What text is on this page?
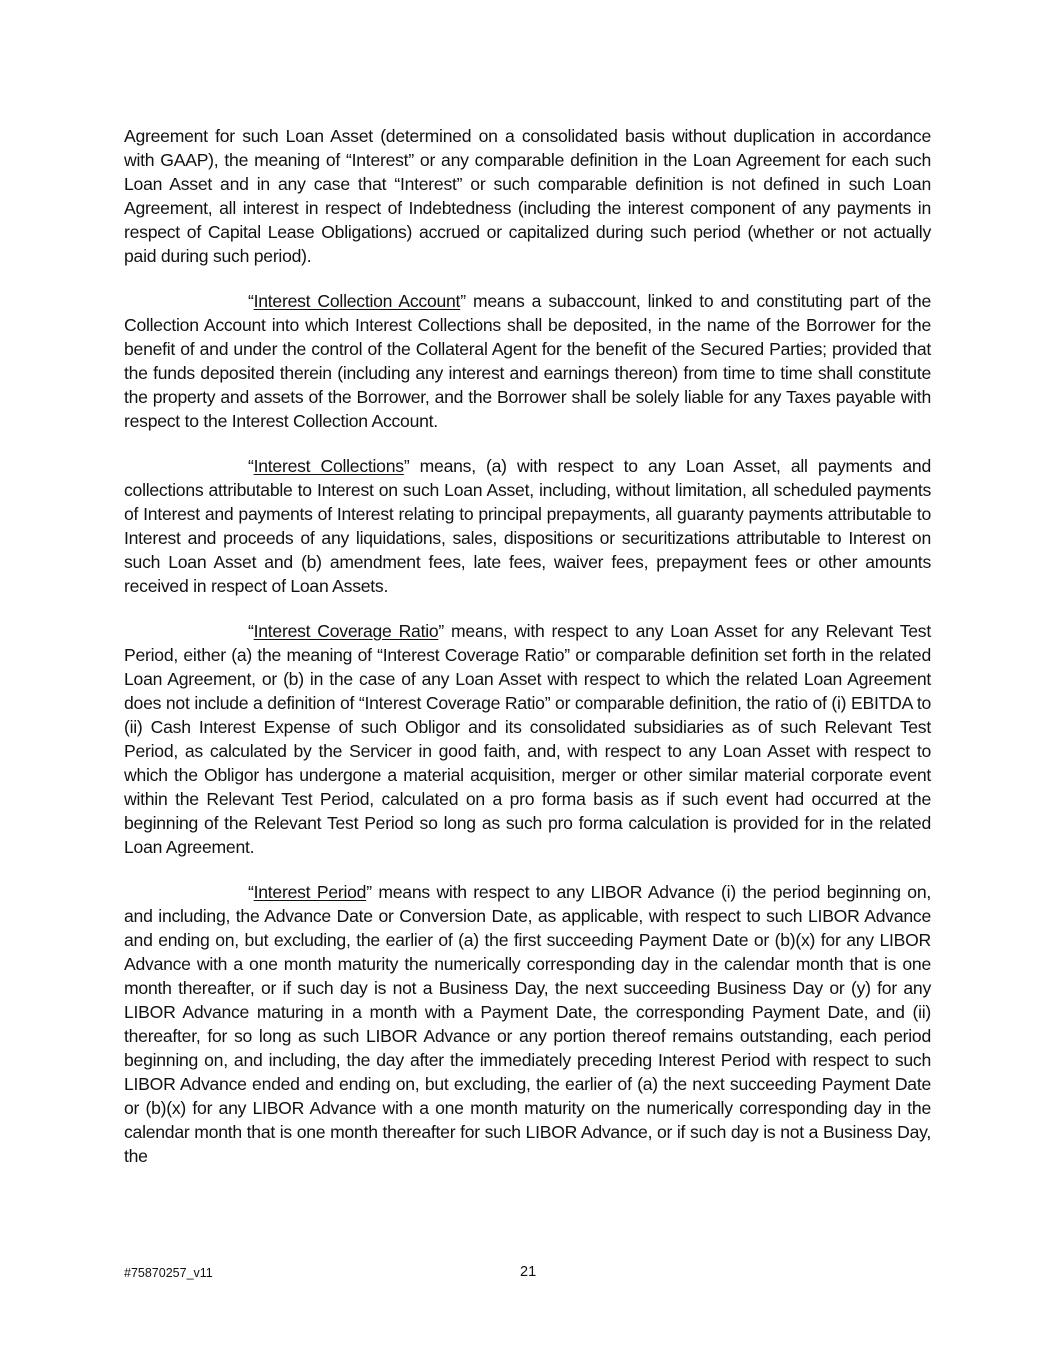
Agreement for such Loan Asset (determined on a consolidated basis without duplication in accordance with GAAP), the meaning of “Interest” or any comparable definition in the Loan Agreement for each such Loan Asset and in any case that “Interest” or such comparable definition is not defined in such Loan Agreement, all interest in respect of Indebtedness (including the interest component of any payments in respect of Capital Lease Obligations) accrued or capitalized during such period (whether or not actually paid during such period).

“Interest Collection Account” means a subaccount, linked to and constituting part of the Collection Account into which Interest Collections shall be deposited, in the name of the Borrower for the benefit of and under the control of the Collateral Agent for the benefit of the Secured Parties; provided that the funds deposited therein (including any interest and earnings thereon) from time to time shall constitute the property and assets of the Borrower, and the Borrower shall be solely liable for any Taxes payable with respect to the Interest Collection Account.

“Interest Collections” means, (a) with respect to any Loan Asset, all payments and collections attributable to Interest on such Loan Asset, including, without limitation, all scheduled payments of Interest and payments of Interest relating to principal prepayments, all guaranty payments attributable to Interest and proceeds of any liquidations, sales, dispositions or securitizations attributable to Interest on such Loan Asset and (b) amendment fees, late fees, waiver fees, prepayment fees or other amounts received in respect of Loan Assets.

“Interest Coverage Ratio” means, with respect to any Loan Asset for any Relevant Test Period, either (a) the meaning of “Interest Coverage Ratio” or comparable definition set forth in the related Loan Agreement, or (b) in the case of any Loan Asset with respect to which the related Loan Agreement does not include a definition of “Interest Coverage Ratio” or comparable definition, the ratio of (i) EBITDA to (ii) Cash Interest Expense of such Obligor and its consolidated subsidiaries as of such Relevant Test Period, as calculated by the Servicer in good faith, and, with respect to any Loan Asset with respect to which the Obligor has undergone a material acquisition, merger or other similar material corporate event within the Relevant Test Period, calculated on a pro forma basis as if such event had occurred at the beginning of the Relevant Test Period so long as such pro forma calculation is provided for in the related Loan Agreement.

“Interest Period” means with respect to any LIBOR Advance (i) the period beginning on, and including, the Advance Date or Conversion Date, as applicable, with respect to such LIBOR Advance and ending on, but excluding, the earlier of (a) the first succeeding Payment Date or (b)(x) for any LIBOR Advance with a one month maturity the numerically corresponding day in the calendar month that is one month thereafter, or if such day is not a Business Day, the next succeeding Business Day or (y) for any LIBOR Advance maturing in a month with a Payment Date, the corresponding Payment Date, and (ii) thereafter, for so long as such LIBOR Advance or any portion thereof remains outstanding, each period beginning on, and including, the day after the immediately preceding Interest Period with respect to such LIBOR Advance ended and ending on, but excluding, the earlier of (a) the next succeeding Payment Date or (b)(x) for any LIBOR Advance with a one month maturity on the numerically corresponding day in the calendar month that is one month thereafter for such LIBOR Advance, or if such day is not a Business Day, the

#75870257_v11	21
